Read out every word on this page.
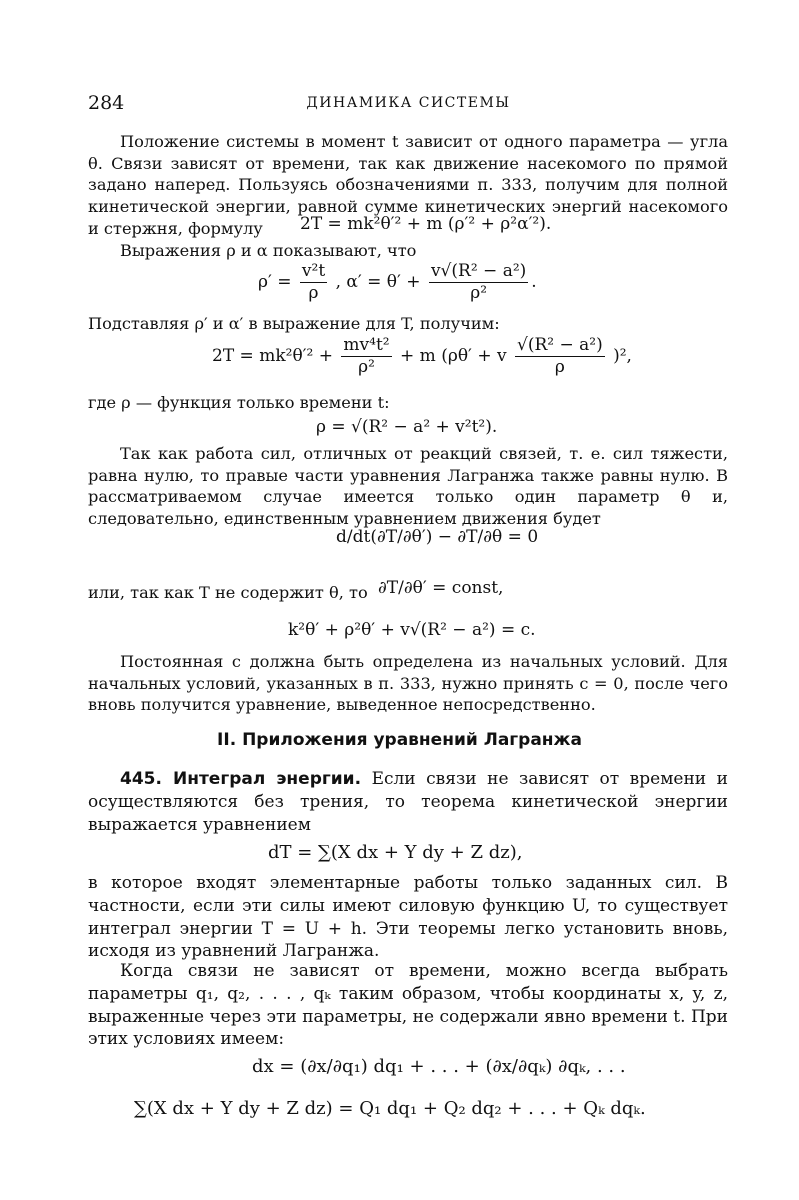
284	ДИНАМИКА СИСТЕМЫ

Положение системы в момент t зависит от одного параметра — угла θ. Связи зависят от времени, так как движение насекомого по прямой задано наперед. Пользуясь обозначениями п. 333, получим для полной кинетической энергии, равной сумме кинетических энергий насекомого и стержня, формулу	2T = mk²θ′² + m (ρ′² + ρ²α′²).

Выражения ρ и α показывают, что

$\rho' = \frac{\text{v²t}}{\rho}$ , $\alpha' = \theta' + \frac{\text{v√(R² − a²)}}{\text{ρ²}}$ .

Подставляя ρ′ и α′ в выражение для T, получим:

$2T = mk^2\theta'^2 + \frac{\text{mv⁴t²}}{\text{ρ²}} + m$ (ρθ′ + v $\frac{\text{√(R² − a²)}}{\rho} )^2$,

где ρ — функция только времени t:

ρ = √(R² − a² + v²t²).

Так как работа сил, отличных от реакций связей, т. е. сил тяжести, равна нулю, то правые части уравнения Лагранжа также равны нулю. В рассматриваемом случае имеется только один параметр θ и, следовательно, единственным уравнением движения будет

d/dt(∂T/∂θ′) − ∂T/∂θ = 0

или, так как T не содержит θ, то ∂T/∂θ′ = const,
k²θ′ + ρ²θ′ + v√(R² − a²) = c.

Постоянная c должна быть определена из начальных условий. Для начальных условий, указанных в п. 333, нужно принять c = 0, после чего вновь получится уравнение, выведенное непосредственно.

II. Приложения уравнений Лагранжа

445. Интеграл энергии. Если связи не зависят от времени и осуществляются без трения, то теорема кинетической энергии выражается уравнением

dT = ∑(X dx + Y dy + Z dz),

в которое входят элементарные работы только заданных сил. В частности, если эти силы имеют силовую функцию U, то существует интеграл энергии T = U + h. Эти теоремы легко установить вновь, исходя из уравнений Лагранжа.

Когда связи не зависят от времени, можно всегда выбрать параметры q₁, q₂, . . . , qₖ таким образом, чтобы координаты x, y, z, выраженные через эти параметры, не содержали явно времени t. При этих условиях имеем:

dx = (∂x/∂q₁) dq₁ + . . . + (∂x/∂qₖ) ∂qₖ, . . .
∑(X dx + Y dy + Z dz) = Q₁ dq₁ + Q₂ dq₂ + . . . + Qₖ dqₖ.
